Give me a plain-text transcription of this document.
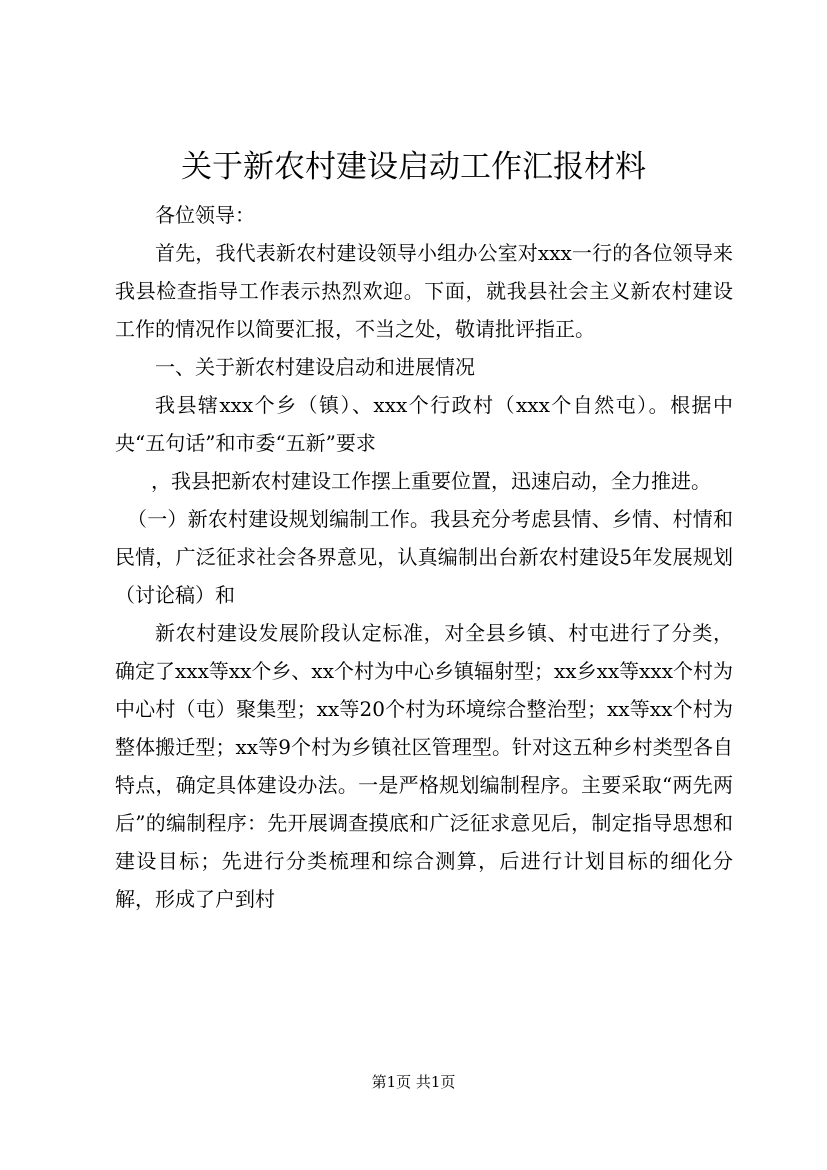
关于新农村建设启动工作汇报材料

各位领导：

首先，我代表新农村建设领导小组办公室对xxx一行的各位领导来我县检查指导工作表示热烈欢迎。下面，就我县社会主义新农村建设工作的情况作以简要汇报，不当之处，敬请批评指正。

一、关于新农村建设启动和进展情况

我县辖xxx个乡（镇）、xxx个行政村（xxx个自然屯）。根据中央“五句话”和市委“五新”要求

，我县把新农村建设工作摆上重要位置，迅速启动，全力推进。

（一）新农村建设规划编制工作。我县充分考虑县情、乡情、村情和民情，广泛征求社会各界意见，认真编制出台新农村建设5年发展规划（讨论稿）和

新农村建设发展阶段认定标准，对全县乡镇、村屯进行了分类，确定了xxx等xx个乡、xx个村为中心乡镇辐射型；xx乡xx等xxx个村为中心村（屯）聚集型；xx等20个村为环境综合整治型；xx等xx个村为整体搬迁型；xx等9个村为乡镇社区管理型。针对这五种乡村类型各自特点，确定具体建设办法。一是严格规划编制程序。主要采取“两先两后”的编制程序：先开展调查摸底和广泛征求意见后，制定指导思想和建设目标；先进行分类梳理和综合测算，后进行计划目标的细化分解，形成了户到村

第1页 共1页
